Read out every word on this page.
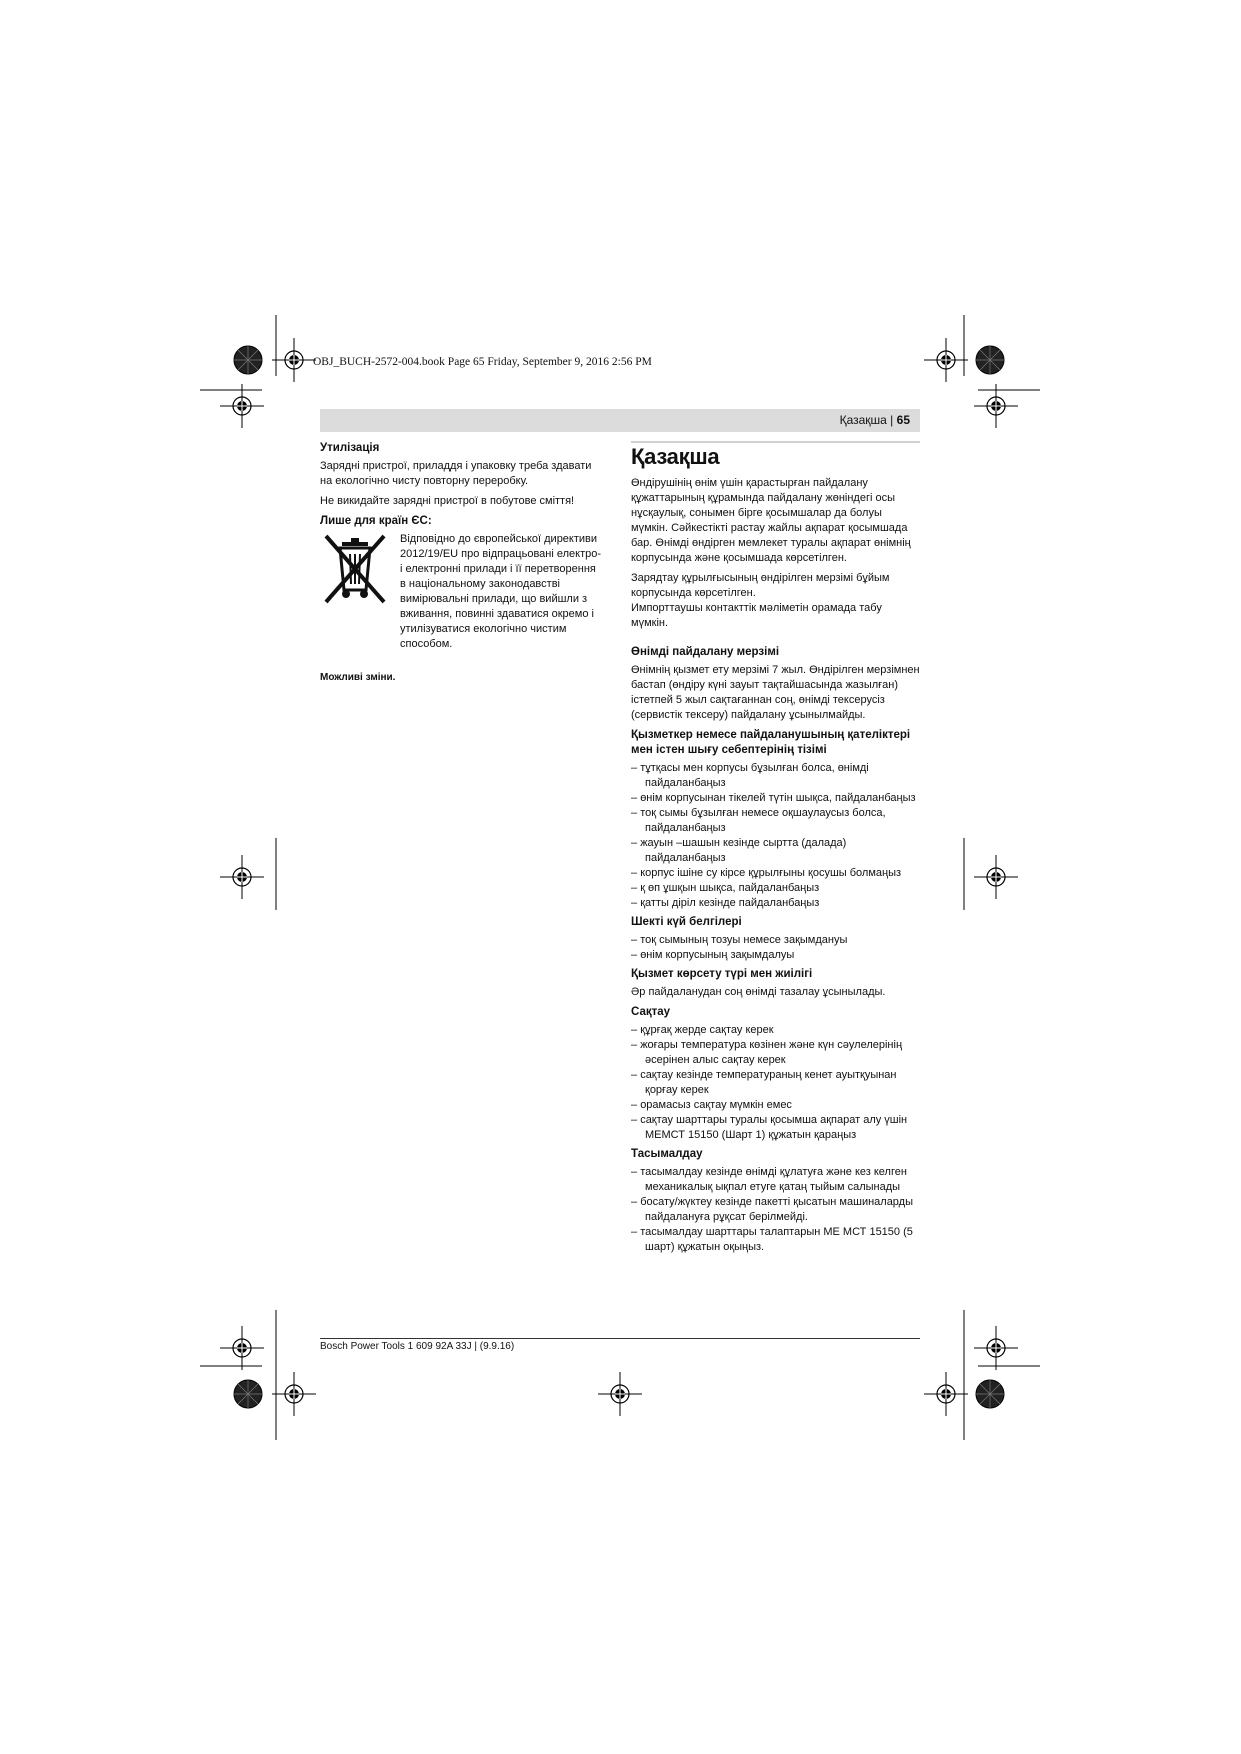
OBJ_BUCH-2572-004.book Page 65 Friday, September 9, 2016 2:56 PM
Қазақша | 65
Утилізація

Зарядні пристрої, приладдя і упаковку треба здавати на екологічно чисту повторну переробку.

Не викидайте зарядні пристрої в побутове сміття!

Лише для країн ЄС:
Відповідно до європейської директиви 2012/19/EU про відпрацьовані електро- і електронні прилади і її перетворення в національному законодавстві вимірювальні прилади, що вийшли з вживання, повинні здаватися окремо і утилізуватися екологічно чистим способом.
Можливі зміни.
Қазақша

Өндірушінің өнім үшін қарастырған пайдалану құжаттарының құрамында пайдалану жөніндегі осы нұсқаулық, сонымен бірге қосымшалар да болуы мүмкін. Сәйкестікті растау жайлы ақпарат қосымшада бар. Өнімді өндірген мемлекет туралы ақпарат өнімнің корпусында және қосымшада көрсетілген.

Зарядтау құрылғысының өндірілген мерзімі бұйым корпусында көрсетілген.

Импорттаушы контакттік мәліметін орамада табу мүмкін.

Өнімді пайдалану мерзімі

Өнімнің қызмет ету мерзімі 7 жыл. Өндірілген мерзімнен бастап (өндіру күні зауыт тақтайшасында жазылған) істетпей 5 жыл сақтағаннан соң, өнімді тексерусіз (сервистік тексеру) пайдалану ұсынылмайды.

Қызметкер немесе пайдаланушының қателіктері мен істен шығу себептерінің тізімі
– тұтқасы мен корпусы бұзылған болса, өнімді пайдаланбаңыз
– өнім корпусынан тікелей түтін шықса, пайдаланбаңыз
– тоқ сымы бұзылған немесе оқшаулаусыз болса, пайдаланбаңыз
– жауын –шашын кезінде сыртта (далада) пайдаланбаңыз
– корпус ішіне су кірсе құрылғыны қосушы болмаңыз
– қ өп ұшқын шықса, пайдаланбаңыз
– қатты діріл кезінде пайдаланбаңыз
Шекті күй белгілері
– тоқ сымының тозуы немесе зақымдануы
– өнім корпусының зақымдалуы
Қызмет көрсету түрі мен жиілігі

Әр пайдаланудан соң өнімді тазалау ұсынылады.

Сақтау
– құрғақ жерде сақтау керек
– жоғары температура көзінен және күн сәулелерінің әсерінен алыс сақтау керек
– сақтау кезінде температураның кенет ауытқуынан қорғау керек
– орамасыз сақтау мүмкін емес
– сақтау шарттары туралы қосымша ақпарат алу үшін МЕМСТ 15150 (Шарт 1) құжатын қараңыз
Тасымалдау
– тасымалдау кезінде өнімді құлатуға және кез келген механикалық ықпал етуге қатаң тыйым салынады
– босату/жүктеу кезінде пакетті қысатын машиналарды пайдалануға рұқсат берілмейді.
– тасымалдау шарттары талаптарын МЕ МСТ 15150 (5 шарт) құжатын оқыңыз.
Bosch Power Tools 1 609 92A 33J | (9.9.16)
